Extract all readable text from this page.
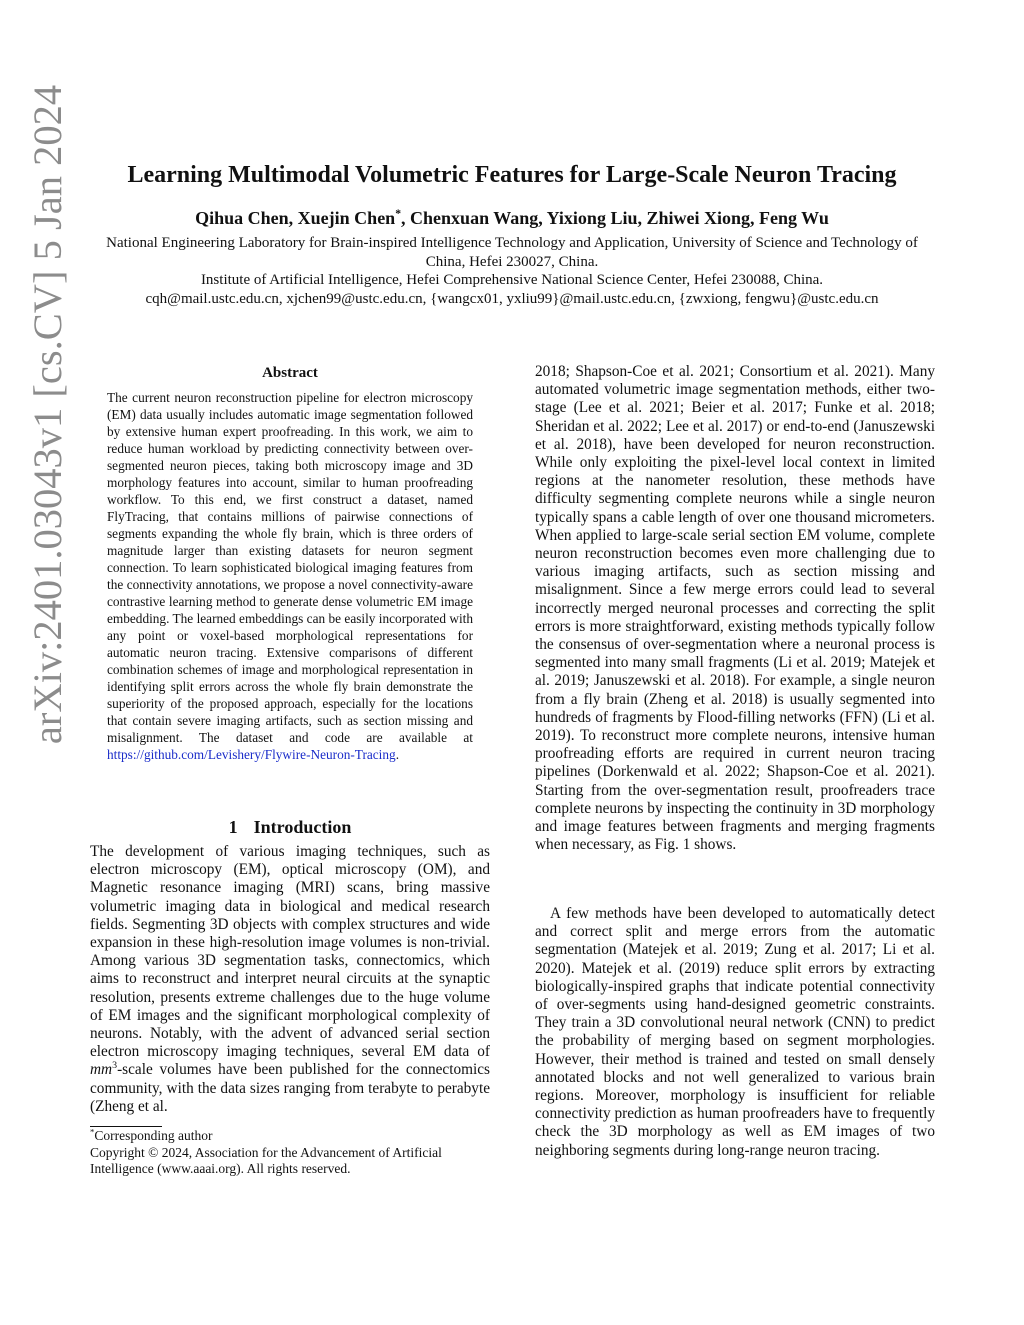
arXiv:2401.03043v1 [cs.CV] 5 Jan 2024	Learning Multimodal Volumetric Features for Large-Scale Neuron Tracing
Qihua Chen, Xuejin Chen*, Chenxuan Wang, Yixiong Liu, Zhiwei Xiong, Feng Wu

National Engineering Laboratory for Brain-inspired Intelligence Technology and Application, University of Science and Technology of China, Hefei 230027, China.

Institute of Artificial Intelligence, Hefei Comprehensive National Science Center, Hefei 230088, China.

cqh@mail.ustc.edu.cn, xjchen99@ustc.edu.cn, {wangcx01, yxliu99}@mail.ustc.edu.cn, {zwxiong, fengwu}@ustc.edu.cn

Abstract

The current neuron reconstruction pipeline for electron microscopy (EM) data usually includes automatic image segmentation followed by extensive human expert proofreading. In this work, we aim to reduce human workload by predicting connectivity between over-segmented neuron pieces, taking both microscopy image and 3D morphology features into account, similar to human proofreading workflow. To this end, we first construct a dataset, named FlyTracing, that contains millions of pairwise connections of segments expanding the whole fly brain, which is three orders of magnitude larger than existing datasets for neuron segment connection. To learn sophisticated biological imaging features from the connectivity annotations, we propose a novel connectivity-aware contrastive learning method to generate dense volumetric EM image embedding. The learned embeddings can be easily incorporated with any point or voxel-based morphological representations for automatic neuron tracing. Extensive comparisons of different combination schemes of image and morphological representation in identifying split errors across the whole fly brain demonstrate the superiority of the proposed approach, especially for the locations that contain severe imaging artifacts, such as section missing and misalignment. The dataset and code are available at https://github.com/Levishery/Flywire-Neuron-Tracing.

1 Introduction

The development of various imaging techniques, such as electron microscopy (EM), optical microscopy (OM), and Magnetic resonance imaging (MRI) scans, bring massive volumetric imaging data in biological and medical research fields. Segmenting 3D objects with complex structures and wide expansion in these high-resolution image volumes is non-trivial. Among various 3D segmentation tasks, connectomics, which aims to reconstruct and interpret neural circuits at the synaptic resolution, presents extreme challenges due to the huge volume of EM images and the significant morphological complexity of neurons. Notably, with the advent of advanced serial section electron microscopy imaging techniques, several EM data of $mm^3$-scale volumes have been published for the connectomics community, with the data sizes ranging from terabyte to perabyte (Zheng et al.

*Corresponding author

Copyright © 2024, Association for the Advancement of Artificial Intelligence (www.aaai.org). All rights reserved.

2018; Shapson-Coe et al. 2021; Consortium et al. 2021). Many automated volumetric image segmentation methods, either two-stage (Lee et al. 2021; Beier et al. 2017; Funke et al. 2018; Sheridan et al. 2022; Lee et al. 2017) or end-to-end (Januszewski et al. 2018), have been developed for neuron reconstruction. While only exploiting the pixel-level local context in limited regions at the nanometer resolution, these methods have difficulty segmenting complete neurons while a single neuron typically spans a cable length of over one thousand micrometers. When applied to large-scale serial section EM volume, complete neuron reconstruction becomes even more challenging due to various imaging artifacts, such as section missing and misalignment. Since a few merge errors could lead to several incorrectly merged neuronal processes and correcting the split errors is more straightforward, existing methods typically follow the consensus of over-segmentation where a neuronal process is segmented into many small fragments (Li et al. 2019; Matejek et al. 2019; Januszewski et al. 2018). For example, a single neuron from a fly brain (Zheng et al. 2018) is usually segmented into hundreds of fragments by Flood-filling networks (FFN) (Li et al. 2019). To reconstruct more complete neurons, intensive human proofreading efforts are required in current neuron tracing pipelines (Dorkenwald et al. 2022; Shapson-Coe et al. 2021). Starting from the over-segmentation result, proofreaders trace complete neurons by inspecting the continuity in 3D morphology and image features between fragments and merging fragments when necessary, as Fig. 1 shows.

A few methods have been developed to automatically detect and correct split and merge errors from the automatic segmentation (Matejek et al. 2019; Zung et al. 2017; Li et al. 2020). Matejek et al. (2019) reduce split errors by extracting biologically-inspired graphs that indicate potential connectivity of over-segments using hand-designed geometric constraints. They train a 3D convolutional neural network (CNN) to predict the probability of merging based on segment morphologies. However, their method is trained and tested on small densely annotated blocks and not well generalized to various brain regions. Moreover, morphology is insufficient for reliable connectivity prediction as human proofreaders have to frequently check the 3D morphology as well as EM images of two neighboring segments during long-range neuron tracing.
